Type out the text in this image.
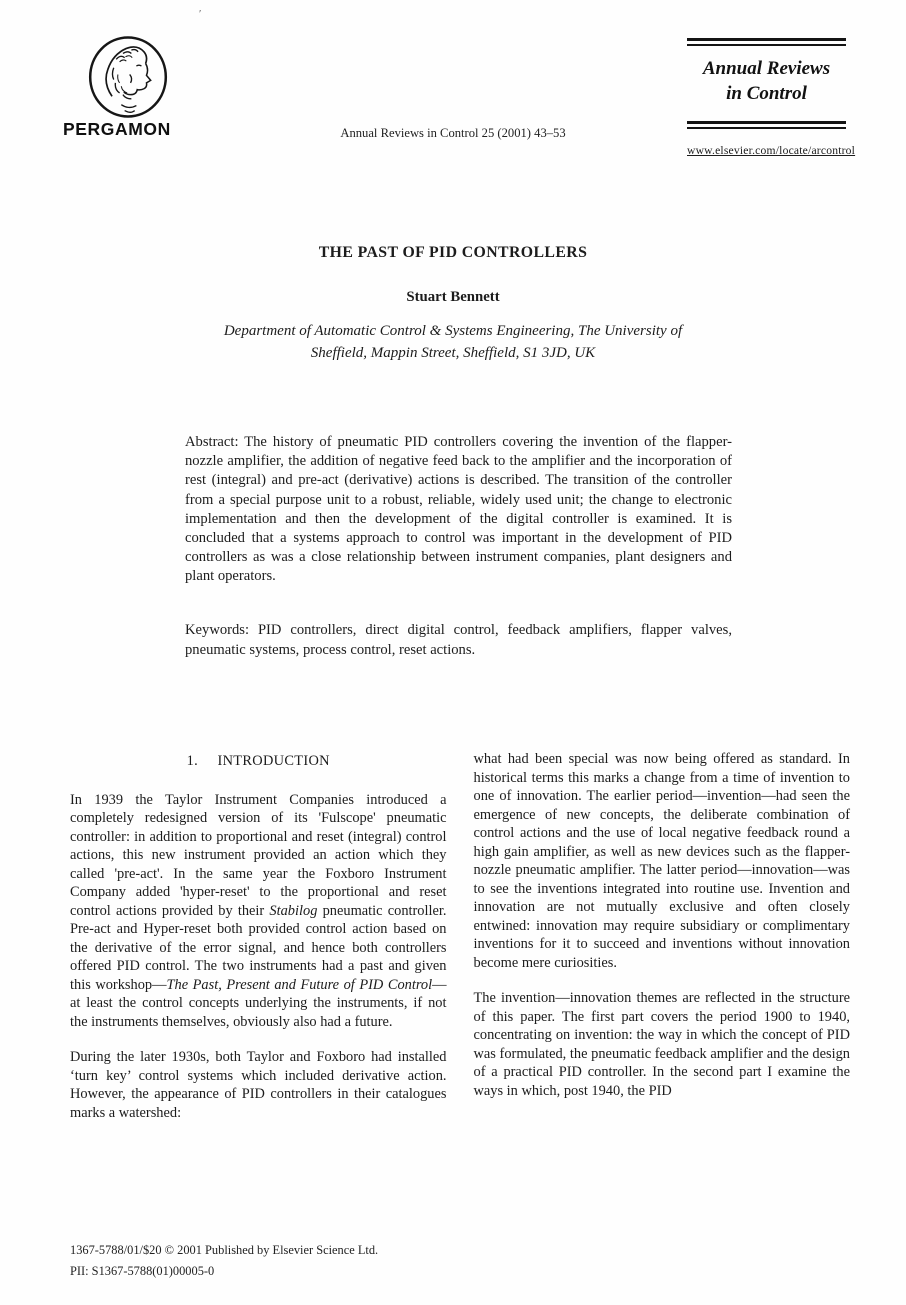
ʹ
PERGAMON	Annual Reviews in Control 25 (2001) 43–53
Annual Reviews
in Control
www.elsevier.com/locate/arcontrol
THE PAST OF PID CONTROLLERS
Stuart Bennett
Department of Automatic Control & Systems Engineering, The University of
Sheffield, Mappin Street, Sheffield, S1 3JD, UK
Abstract: The history of pneumatic PID controllers covering the invention of the flapper-nozzle amplifier, the addition of negative feed back to the amplifier and the incorporation of rest (integral) and pre-act (derivative) actions is described. The transition of the controller from a special purpose unit to a robust, reliable, widely used unit; the change to electronic implementation and then the development of the digital controller is examined. It is concluded that a systems approach to control was important in the development of PID controllers as was a close relationship between instrument companies, plant designers and plant operators.
Keywords: PID controllers, direct digital control, feedback amplifiers, flapper valves, pneumatic systems, process control, reset actions.
1.     INTRODUCTION

In 1939 the Taylor Instrument Companies introduced a completely redesigned version of its 'Fulscope' pneumatic controller: in addition to proportional and reset (integral) control actions, this new instrument provided an action which they called 'pre-act'. In the same year the Foxboro Instrument Company added 'hyper-reset' to the proportional and reset control actions provided by their Stabilog pneumatic controller. Pre-act and Hyper-reset both provided control action based on the derivative of the error signal, and hence both controllers offered PID control. The two instruments had a past and given this workshop—The Past, Present and Future of PID Control—at least the control concepts underlying the instruments, if not the instruments themselves, obviously also had a future.

During the later 1930s, both Taylor and Foxboro had installed ‘turn key’ control systems which included derivative action. However, the appearance of PID controllers in their catalogues marks a watershed:

what had been special was now being offered as standard. In historical terms this marks a change from a time of invention to one of innovation. The earlier period—invention—had seen the emergence of new concepts, the deliberate combination of control actions and the use of local negative feedback round a high gain amplifier, as well as new devices such as the flapper-nozzle pneumatic amplifier. The latter period—innovation—was to see the inventions integrated into routine use. Invention and innovation are not mutually exclusive and often closely entwined: innovation may require subsidiary or complimentary inventions for it to succeed and inventions without innovation become mere curiosities.

The invention—innovation themes are reflected in the structure of this paper. The first part covers the period 1900 to 1940, concentrating on invention: the way in which the concept of PID was formulated, the pneumatic feedback amplifier and the design of a practical PID controller. In the second part I examine the ways in which, post 1940, the PID

1367-5788/01/$20 © 2001 Published by Elsevier Science Ltd.
PII: S1367-5788(01)00005-0
